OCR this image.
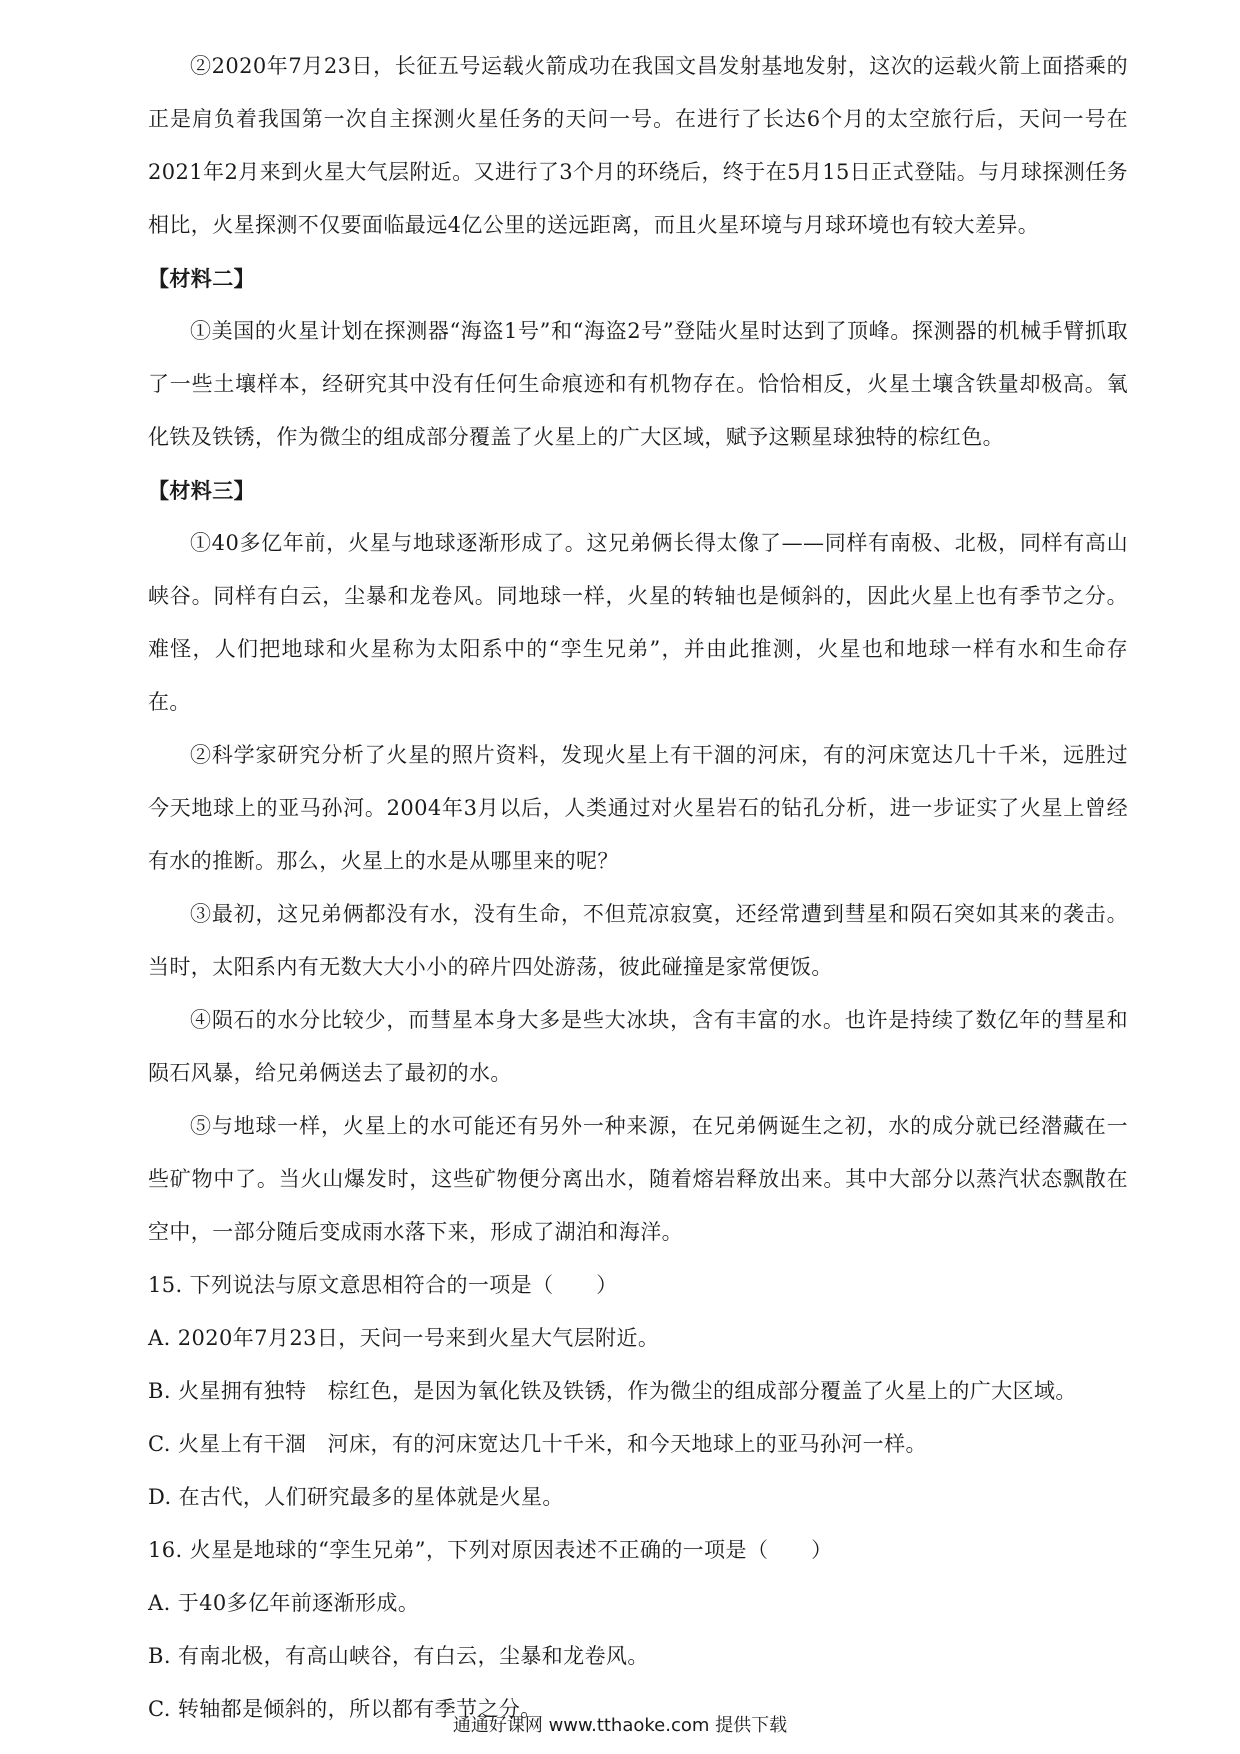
②2020年7月23日，长征五号运载火箭成功在我国文昌发射基地发射，这次的运载火箭上面搭乘的正是肩负着我国第一次自主探测火星任务的天问一号。在进行了长达6个月的太空旅行后，天问一号在2021年2月来到火星大气层附近。又进行了3个月的环绕后，终于在5月15日正式登陆。与月球探测任务相比，火星探测不仅要面临最远4亿公里的送远距离，而且火星环境与月球环境也有较大差异。

【材料二】

①美国的火星计划在探测器“海盗1号”和“海盗2号”登陆火星时达到了顶峰。探测器的机械手臂抓取了一些土壤样本，经研究其中没有任何生命痕迹和有机物存在。恰恰相反，火星土壤含铁量却极高。氧化铁及铁锈，作为微尘的组成部分覆盖了火星上的广大区域，赋予这颗星球独特的棕红色。

【材料三】

①40多亿年前，火星与地球逐渐形成了。这兄弟俩长得太像了——同样有南极、北极，同样有高山峡谷。同样有白云，尘暴和龙卷风。同地球一样，火星的转轴也是倾斜的，因此火星上也有季节之分。难怪，人们把地球和火星称为太阳系中的“孪生兄弟”，并由此推测，火星也和地球一样有水和生命存在。

②科学家研究分析了火星的照片资料，发现火星上有干涸的河床，有的河床宽达几十千米，远胜过今天地球上的亚马孙河。2004年3月以后，人类通过对火星岩石的钻孔分析，进一步证实了火星上曾经有水的推断。那么，火星上的水是从哪里来的呢？

③最初，这兄弟俩都没有水，没有生命，不但荒凉寂寞，还经常遭到彗星和陨石突如其来的袭击。当时，太阳系内有无数大大小小的碎片四处游荡，彼此碰撞是家常便饭。

④陨石的水分比较少，而彗星本身大多是些大冰块，含有丰富的水。也许是持续了数亿年的彗星和陨石风暴，给兄弟俩送去了最初的水。

⑤与地球一样，火星上的水可能还有另外一种来源，在兄弟俩诞生之初，水的成分就已经潜藏在一些矿物中了。当火山爆发时，这些矿物便分离出水，随着熔岩释放出来。其中大部分以蒸汽状态飘散在空中，一部分随后变成雨水落下来，形成了湖泊和海洋。

15. 下列说法与原文意思相符合的一项是（　　）

A. 2020年7月23日，天问一号来到火星大气层附近。

B. 火星拥有独特　棕红色，是因为氧化铁及铁锈，作为微尘的组成部分覆盖了火星上的广大区域。

C. 火星上有干涸　河床，有的河床宽达几十千米，和今天地球上的亚马孙河一样。

D. 在古代，人们研究最多的星体就是火星。

16. 火星是地球的“孪生兄弟”，下列对原因表述不正确的一项是（　　）

A. 于40多亿年前逐渐形成。

B. 有南北极，有高山峡谷，有白云，尘暴和龙卷风。

C. 转轴都是倾斜的，所以都有季节之分。

通通好课网 www.tthaoke.com 提供下载
